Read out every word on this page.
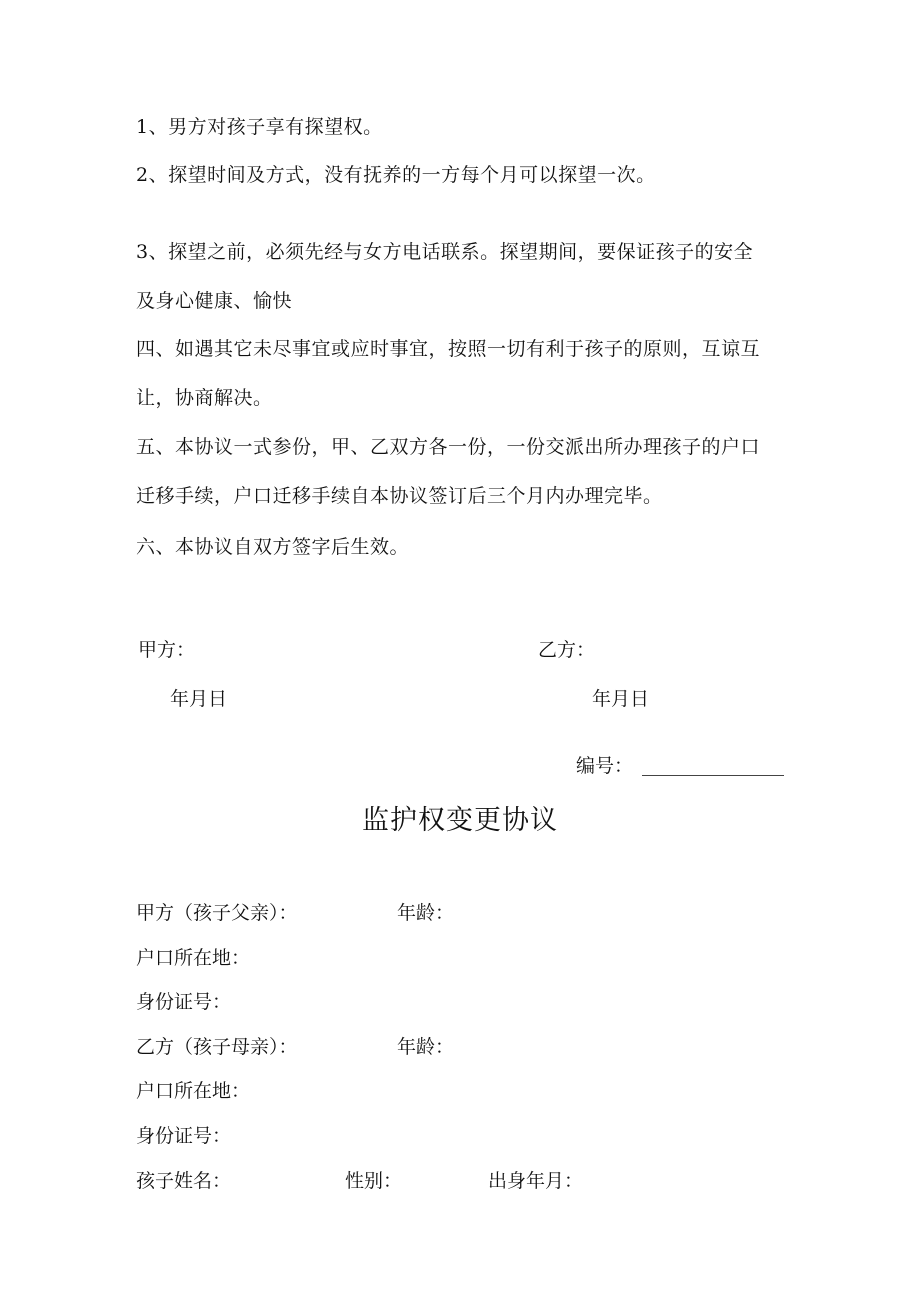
1、男方对孩子享有探望权。
2、探望时间及方式，没有抚养的一方每个月可以探望一次。
3、探望之前，必须先经与女方电话联系。探望期间，要保证孩子的安全
及身心健康、愉快
四、如遇其它未尽事宜或应时事宜，按照一切有利于孩子的原则，互谅互
让，协商解决。
五、本协议一式参份，甲、乙双方各一份，一份交派出所办理孩子的户口
迁移手续，户口迁移手续自本协议签订后三个月内办理完毕。
六、本协议自双方签字后生效。
甲方：	乙方：
年月日	年月日
编号：
监护权变更协议
甲方（孩子父亲）：	年龄：
户口所在地：
身份证号：
乙方（孩子母亲）：	年龄：
户口所在地：
身份证号：
孩子姓名：	性别：	出身年月：
